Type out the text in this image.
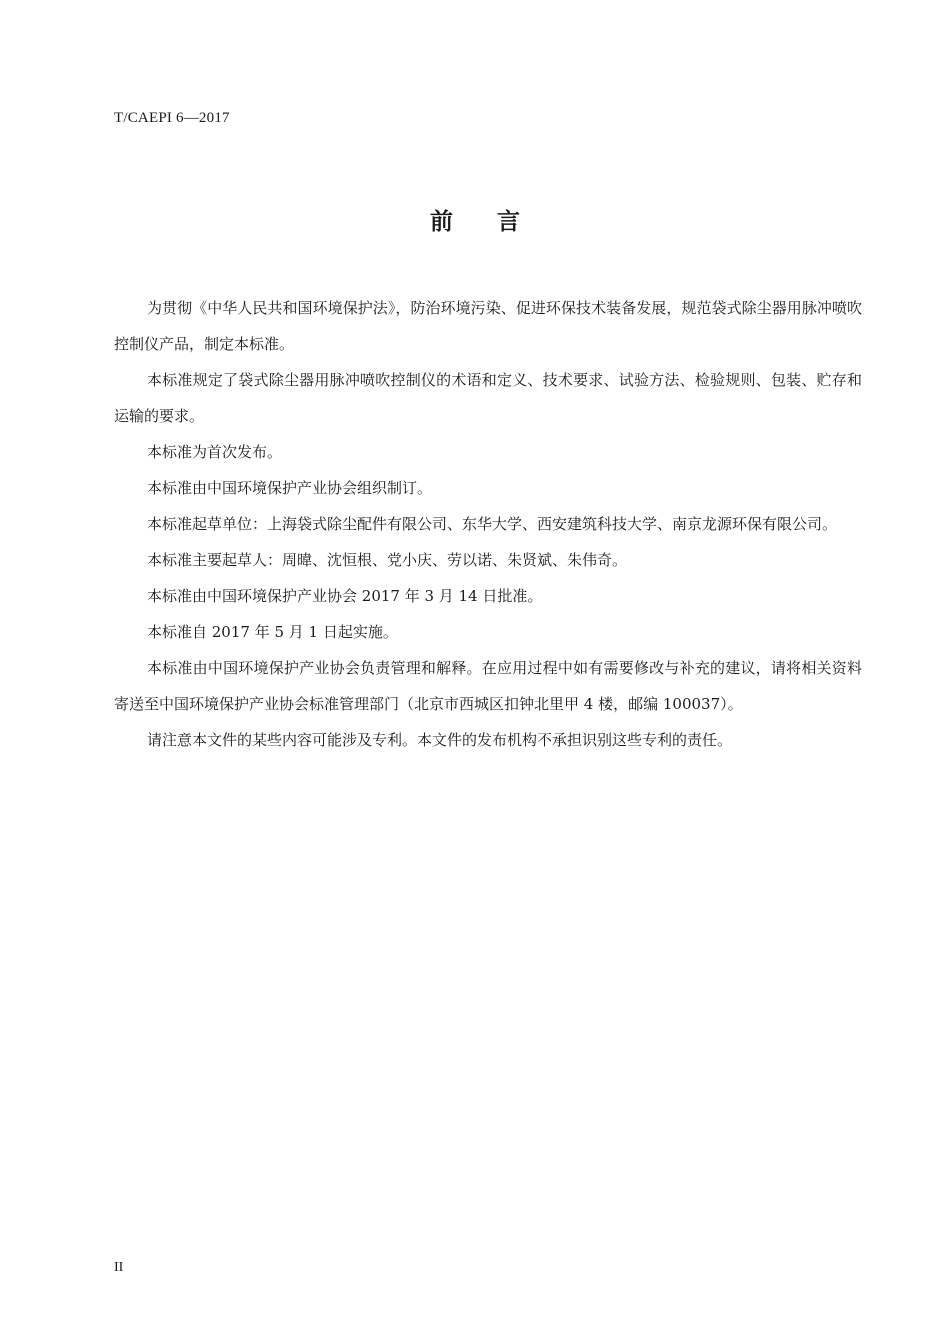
T/CAEPI 6—2017
前言

为贯彻《中华人民共和国环境保护法》，防治环境污染、促进环保技术装备发展，规范袋式除尘器用脉冲喷吹控制仪产品，制定本标准。

本标准规定了袋式除尘器用脉冲喷吹控制仪的术语和定义、技术要求、试验方法、检验规则、包装、贮存和运输的要求。

本标准为首次发布。

本标准由中国环境保护产业协会组织制订。

本标准起草单位：上海袋式除尘配件有限公司、东华大学、西安建筑科技大学、南京龙源环保有限公司。

本标准主要起草人：周暐、沈恒根、党小庆、劳以诺、朱贤斌、朱伟奇。

本标准由中国环境保护产业协会 2017 年 3 月 14 日批准。

本标准自 2017 年 5 月 1 日起实施。

本标准由中国环境保护产业协会负责管理和解释。在应用过程中如有需要修改与补充的建议，请将相关资料寄送至中国环境保护产业协会标准管理部门（北京市西城区扣钟北里甲 4 楼，邮编 100037）。

请注意本文件的某些内容可能涉及专利。本文件的发布机构不承担识别这些专利的责任。

II
